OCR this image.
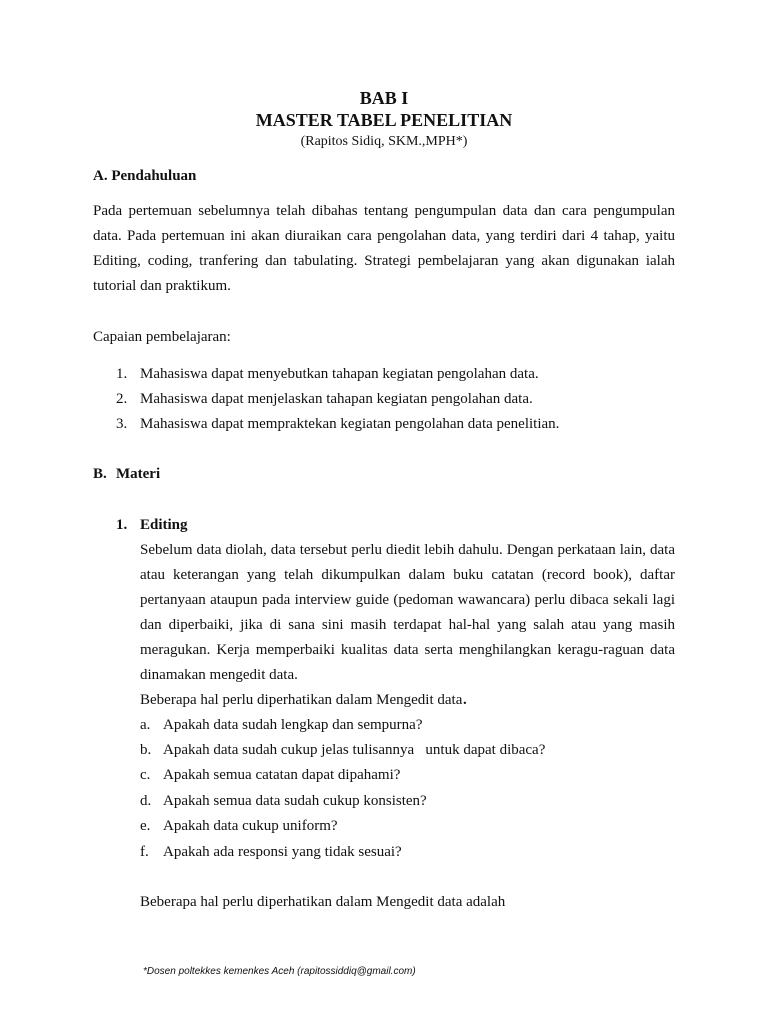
BAB I
MASTER TABEL PENELITIAN
(Rapitos Sidiq, SKM.,MPH*)
A. Pendahuluan

Pada pertemuan sebelumnya telah dibahas tentang pengumpulan data dan cara pengumpulan data. Pada pertemuan ini akan diuraikan cara pengolahan data, yang terdiri dari 4 tahap, yaitu Editing, coding, tranfering dan tabulating. Strategi pembelajaran yang akan digunakan ialah tutorial dan praktikum.

Capaian pembelajaran:
1. Mahasiswa dapat menyebutkan tahapan kegiatan pengolahan data.
2. Mahasiswa dapat menjelaskan tahapan kegiatan pengolahan data.
3. Mahasiswa dapat mempraktekan kegiatan pengolahan data penelitian.
B. Materi
1. Editing

Sebelum data diolah, data tersebut perlu diedit lebih dahulu. Dengan perkataan lain, data atau keterangan yang telah dikumpulkan dalam buku catatan (record book), daftar pertanyaan ataupun pada interview guide (pedoman wawancara) perlu dibaca sekali lagi dan diperbaiki, jika di sana sini masih terdapat hal-hal yang salah atau yang masih meragukan. Kerja memperbaiki kualitas data serta menghilangkan keragu-raguan data dinamakan mengedit data.

Beberapa hal perlu diperhatikan dalam Mengedit data.
a. Apakah data sudah lengkap dan sempurna?
b. Apakah data sudah cukup jelas tulisannya   untuk dapat dibaca?
c. Apakah semua catatan dapat dipahami?
d. Apakah semua data sudah cukup konsisten?
e. Apakah data cukup uniform?
f. Apakah ada responsi yang tidak sesuai?
Beberapa hal perlu diperhatikan dalam Mengedit data adalah
*Dosen poltekkes kemenkes Aceh (rapitossiddiq@gmail.com)
